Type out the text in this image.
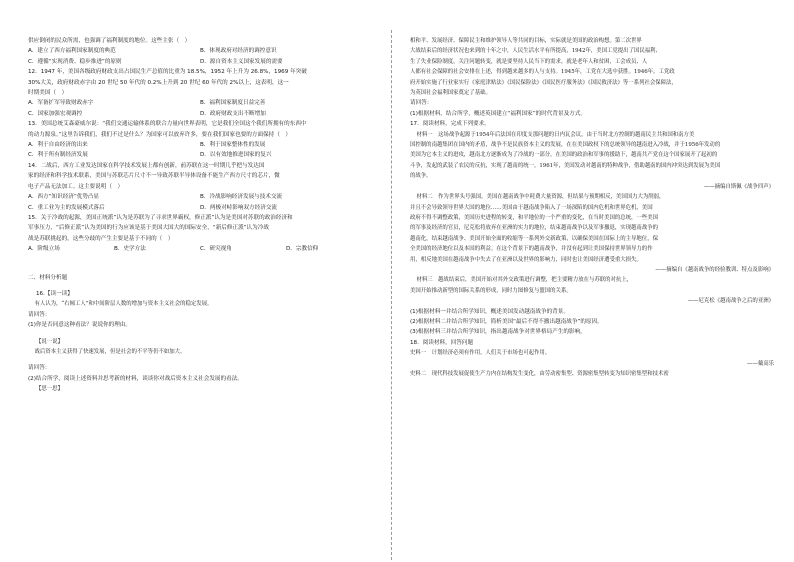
供应倒闭的民众所需，也强调了福利制度的地位。这些主张（　）

A．建立了西方福利国家制度的典范	B．体现政府对经济的调控意识
C．遵循“实现消费、稳步推进”的原则	D．源自资本主义国家发展的需要

12．1947 年，美国各级政府财政支出占国民生产总值的比重为 18.5%，1952 年上升为 26.8%，1969 年突破

30%大关，政府财政赤字由 20 世纪 50 年代的 0.2%上升到 20 世纪 60 年代的 2%以上，这表明，这一

时期美国（　）

A．军备扩军导致财政赤字	B．福利国家制度日益完善
C．国家加强宏观调控	D．政府财政支出不断增加

13．美国总统艾森豪威尔说：“我们交通运输体系的联合力量向世界表明，它是我们全国这个我们所拥有的东西中

的动力源泉。”这里告诉我们，我们不过是什么？为国家可以放弃许多，要在我们国家也要的方面保持（　）

A．利于自由经济的出来	B．利于国家整体性的发展
C．利于所有制经济发展	D．以有效地推进国家的复兴

14．二战后，西方工业发达国家在科学技术发展上都有创新，前苏联在这一时期几乎把与发达国

家的经济和科学技术联系，美国与苏联芯片尺寸不一导致苏联半导体设备不能生产西方尺寸的芯片，微

电子产品无法加工。这主要说明（　）

A．西方“知识经济”优势凸显	B．冷战影响经济发展与技术交流
C．重工业为主的发展模式落后	D．两极对峙影响双方经济交流

15．关于冷战的起源，美国正统派”认为是苏联为了寻求世界霸权，修正派”认为是美国对苏联的政治经济和

军事压力，“后修正派”认为美国的行为应该是基于美国大国大的国际安全，“新后修正派”认为冷战

战是苏联挑起的，这些分歧的产生主要是基于不同的（　）

A．阶级立场	B．史学方法	C．研究视角	D．宗教信仰

二、材料分析题

16.【读一读】

有人认为，“右倾工人”和中间阶层人数的增加与资本主义社会的稳定发展。

请回答：

(1)你是否同意这种看法？说说你的理由。

【说一说】

战后资本主义获得了快速发展，但是社会的不平等仍不如加大。

请回答：

(2)结合所学，阅读上述资料并思考新的材料，谈谈你对战后资本主义社会发展的看法。

【思一思】

相和平、发展经济、保障民主和维护领导人等共同的目标，实际就是美国的政治构想。第二次世界

大战结束后的经济状况也来到的十年之中，人民生活水平有所提高，1942年，美国工党提出了国民福利、

生了失业保险制度，关注问题转变，就是要坚持人民当下的需求，就是老年人和贫困，工会成员、人

人都有社会保障的社会安排在上述，得到越来越多的人与支持。1945年，工党在大选中获胜。1946年，工党政

府开始实施了行业家实行《家庭津贴法》《国民保险法》《国民医疗服务法》《国民救济法》等一系列社会保障法，

为英国社会福利国家奠定了基础。

请回答：

(1)根据材料，结合所学，概述英国建立“福利国家”的时代背景及方式。

17．阅读材料，完成下列要求。

材料一　这场战争起源于1954年后法国在印度支那问题的日内瓦会议，由于当时北方控制的越南民主共和国和南方美

国控制的南越集团在国内的矛盾，战争不是民族资本主义的发展，在在美国政权下的总统领导的越南进入冷战，并于1956年发动的

美国为它本主义的进攻，越南北方逐渐成为了冷战的一部分，在美国的政治和军事的援助下，越南共产党在这个国家展开了起初的

斗争，发起的武装了农民的反抗，实现了越南的统一。1961年，美国发动对越南的特种战争，借助越南的国内冲突达到发展为美国

的战争。

——摘编自斯佩《战争四声》

材料二　作为世界头号强国，美国在越南战争中耗费大量资源，但结果与预期相反，美国国力大为削弱，

并且不会导致领导世界大国的地位……美国由于越南战争陷入了一场深陷的国内危机和世界危机，美国

政府不得不调整政策，美国历史进程的转变，和平地位的一个严重的变化，在当时美国的总统，一些美国

的军事及经济的官员，尼克松将放弃在亚洲的实力的地位，结束越南战争以及军事撤退，实现越南战争的

越南化，结束越南战争、美国开始全面的收缩等一系列外交新政策，以确保美国在国际上的主导地位，保

全美国的经济地位以及本国的利益。在这个背景下的越南战争，并没有起到让美国保持世界领导力的作

用，相反地美国在越南战争中失去了在亚洲以及世界的影响力，同时也让美国经济遭受重大损失。

——摘编自《越南战争的经验教训、特点及影响》

材料三　越战结束后，美国开始对其外交政策进行调整，把主要精力放在与苏联的对抗上，

美国开始推动新型的国际关系的形成，同时力图修复与盟国的关系。

——尼克松《越南战争之后的亚洲》

(1)根据材料一并结合所学知识，概述美国发动越南战争的背景。

(2)根据材料二并结合所学知识，简析美国“最后不得不撤出越南战争”的原因。

(3)根据材料三并结合所学知识，指出越南战争对世界格局产生的影响。

18．阅读材料，回答问题

史料一　计划经济必须有作用，人们关于市场也可起作用。

——戴高乐

史料二　现代科技发展促使生产力内在结构发生变化，由劳动密集型、资源密集型转变为知识密集型和技术密
